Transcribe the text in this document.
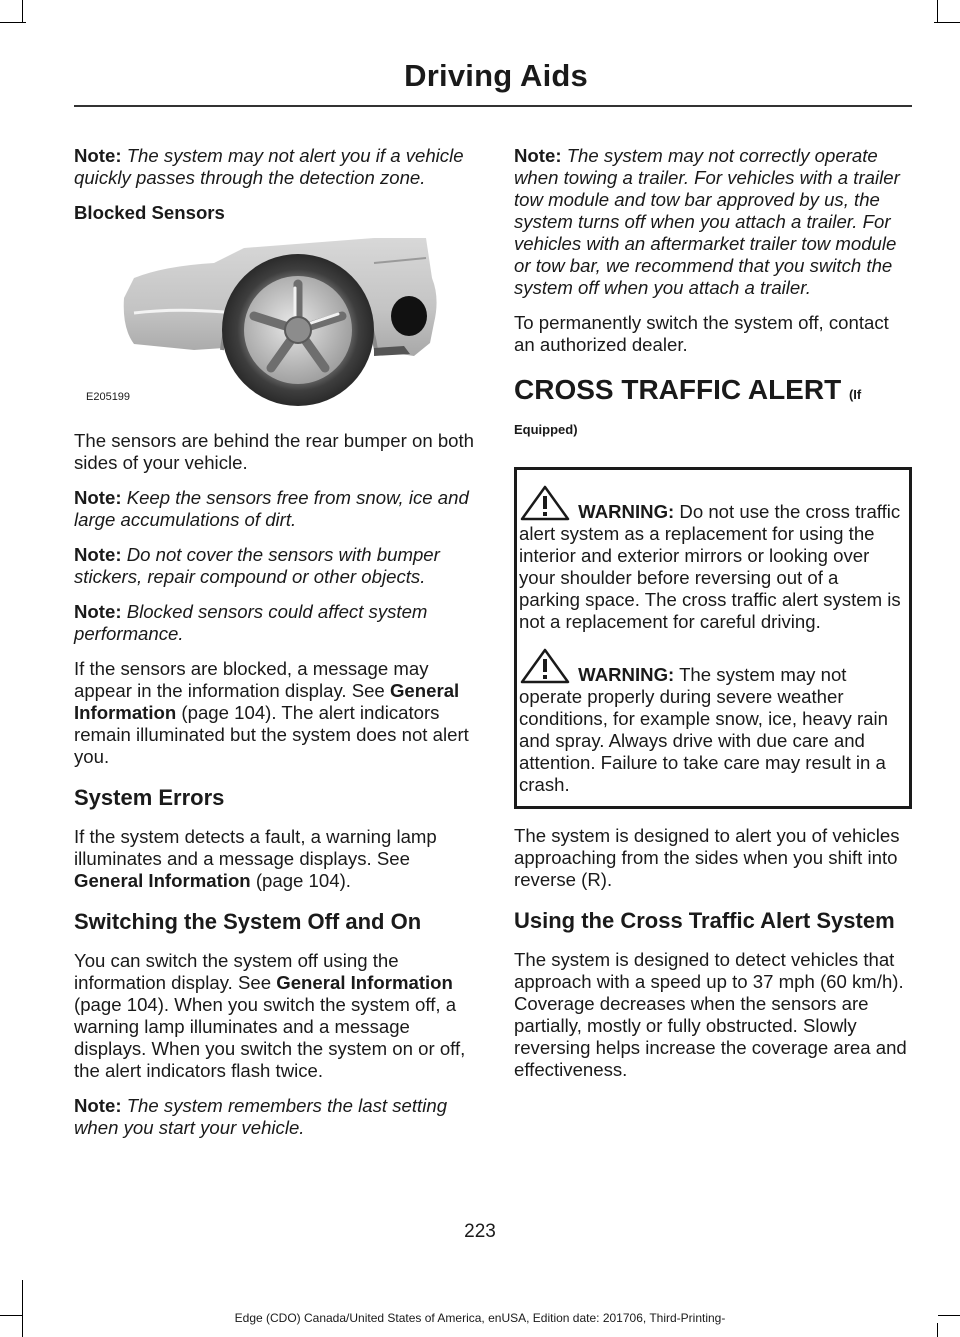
Driving Aids

Note: The system may not alert you if a vehicle quickly passes through the detection zone.

Blocked Sensors

E205199

The sensors are behind the rear bumper on both sides of your vehicle.

Note: Keep the sensors free from snow, ice and large accumulations of dirt.

Note: Do not cover the sensors with bumper stickers, repair compound or other objects.

Note: Blocked sensors could affect system performance.

If the sensors are blocked, a message may appear in the information display. See General Information (page 104). The alert indicators remain illuminated but the system does not alert you.

System Errors

If the system detects a fault, a warning lamp illuminates and a message displays. See General Information (page 104).

Switching the System Off and On

You can switch the system off using the information display. See General Information (page 104). When you switch the system off, a warning lamp illuminates and a message displays. When you switch the system on or off, the alert indicators flash twice.

Note: The system remembers the last setting when you start your vehicle.

Note: The system may not correctly operate when towing a trailer. For vehicles with a trailer tow module and tow bar approved by us, the system turns off when you attach a trailer. For vehicles with an aftermarket trailer tow module or tow bar, we recommend that you switch the system off when you attach a trailer.

To permanently switch the system off, contact an authorized dealer.

CROSS TRAFFIC ALERT (If

Equipped)

WARNING: Do not use the cross traffic alert system as a replacement for using the interior and exterior mirrors or looking over your shoulder before reversing out of a parking space. The cross traffic alert system is not a replacement for careful driving.

WARNING: The system may not operate properly during severe weather conditions, for example snow, ice, heavy rain and spray. Always drive with due care and attention. Failure to take care may result in a crash.

The system is designed to alert you of vehicles approaching from the sides when you shift into reverse (R).

Using the Cross Traffic Alert System

The system is designed to detect vehicles that approach with a speed up to 37 mph (60 km/h). Coverage decreases when the sensors are partially, mostly or fully obstructed. Slowly reversing helps increase the coverage area and effectiveness.

223
Edge (CDO) Canada/United States of America, enUSA, Edition date: 201706, Third-Printing-
